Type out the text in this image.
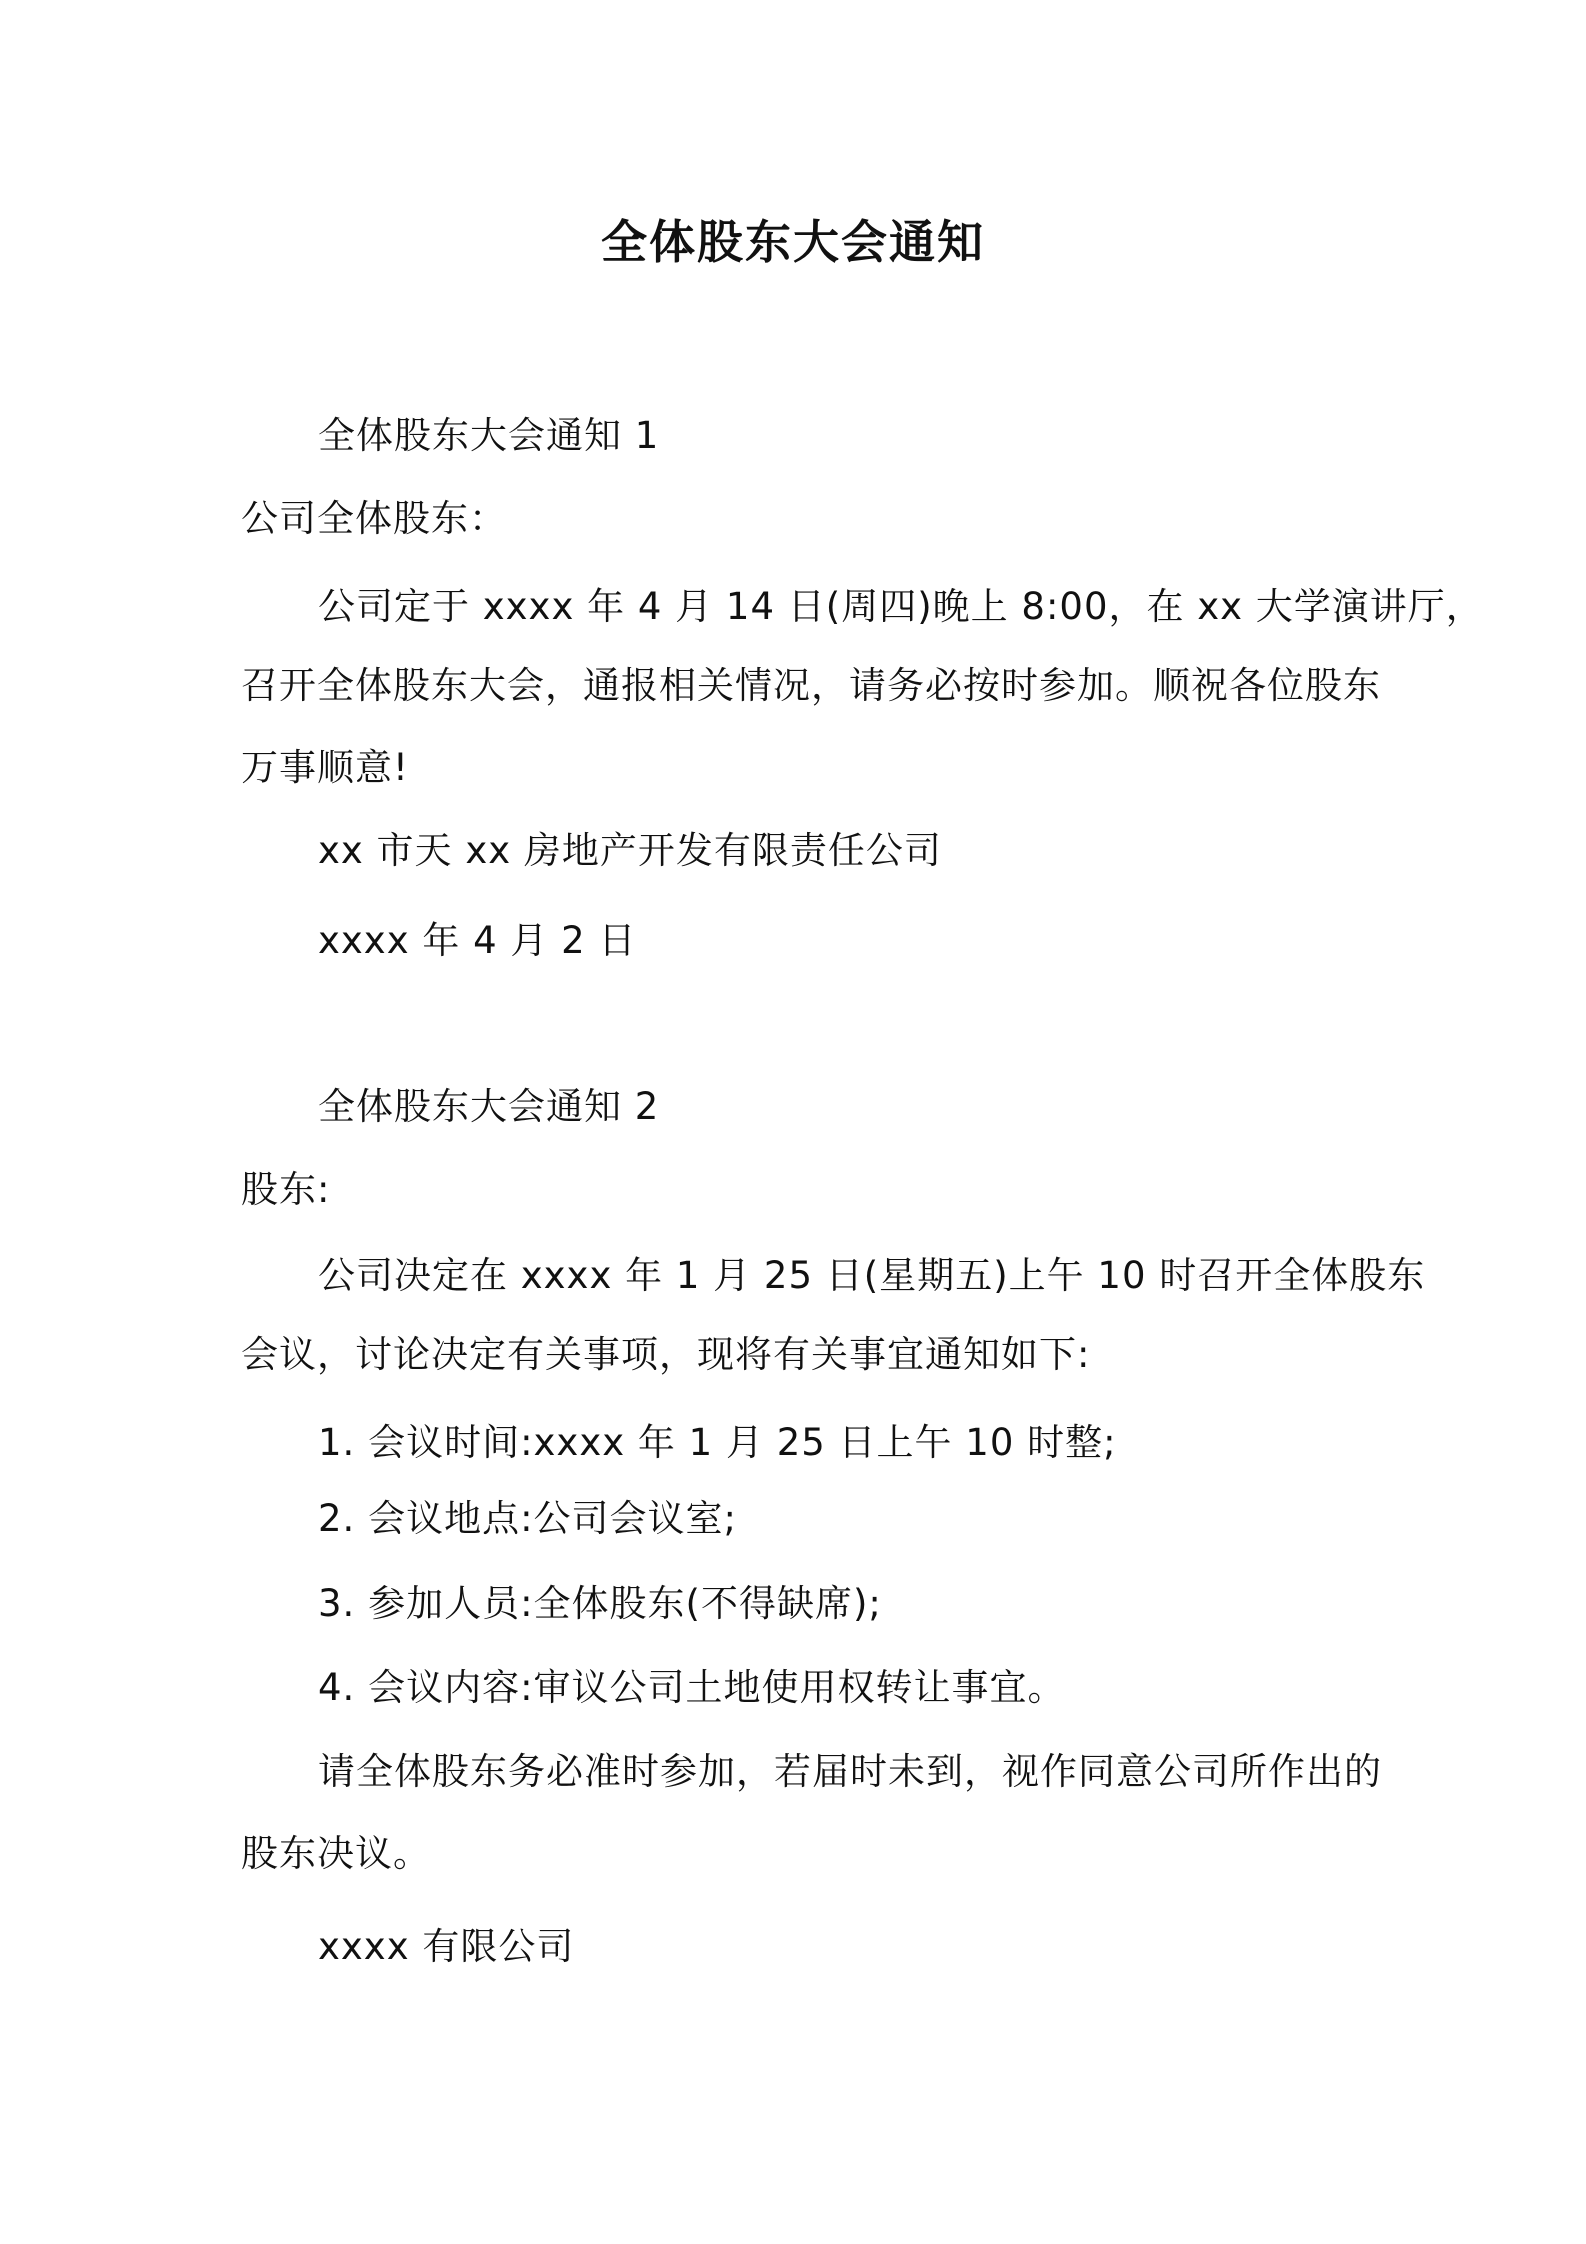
全体股东大会通知
全体股东大会通知 1
公司全体股东：
公司定于 xxxx 年 4 月 14 日(周四)晚上 8:00，在 xx 大学演讲厅，
召开全体股东大会，通报相关情况，请务必按时参加。顺祝各位股东
万事顺意!
xx 市天 xx 房地产开发有限责任公司
xxxx 年 4 月 2 日
全体股东大会通知 2
股东:
公司决定在 xxxx 年 1 月 25 日(星期五)上午 10 时召开全体股东
会议，讨论决定有关事项，现将有关事宜通知如下:
1. 会议时间:xxxx 年 1 月 25 日上午 10 时整;
2. 会议地点:公司会议室;
3. 参加人员:全体股东(不得缺席);
4. 会议内容:审议公司土地使用权转让事宜。
请全体股东务必准时参加，若届时未到，视作同意公司所作出的
股东决议。
xxxx 有限公司
